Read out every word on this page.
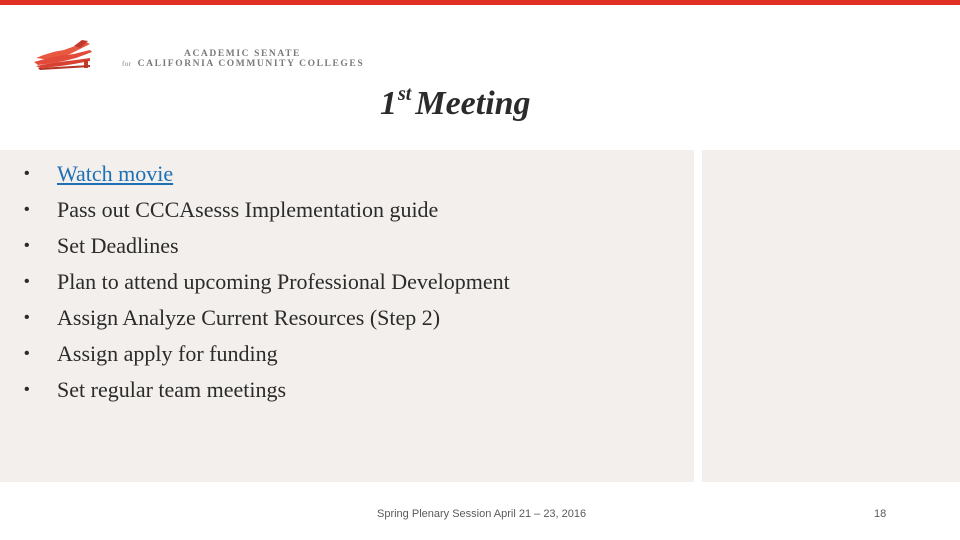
ACADEMIC SENATE
for CALIFORNIA COMMUNITY COLLEGES
1st Meeting
• Watch movie
• Pass out CCCAsesss Implementation guide
• Set Deadlines
• Plan to attend upcoming Professional Development
• Assign Analyze Current Resources (Step 2)
• Assign apply for funding
• Set regular team meetings
Spring Plenary Session April 21 – 23, 2016	18
